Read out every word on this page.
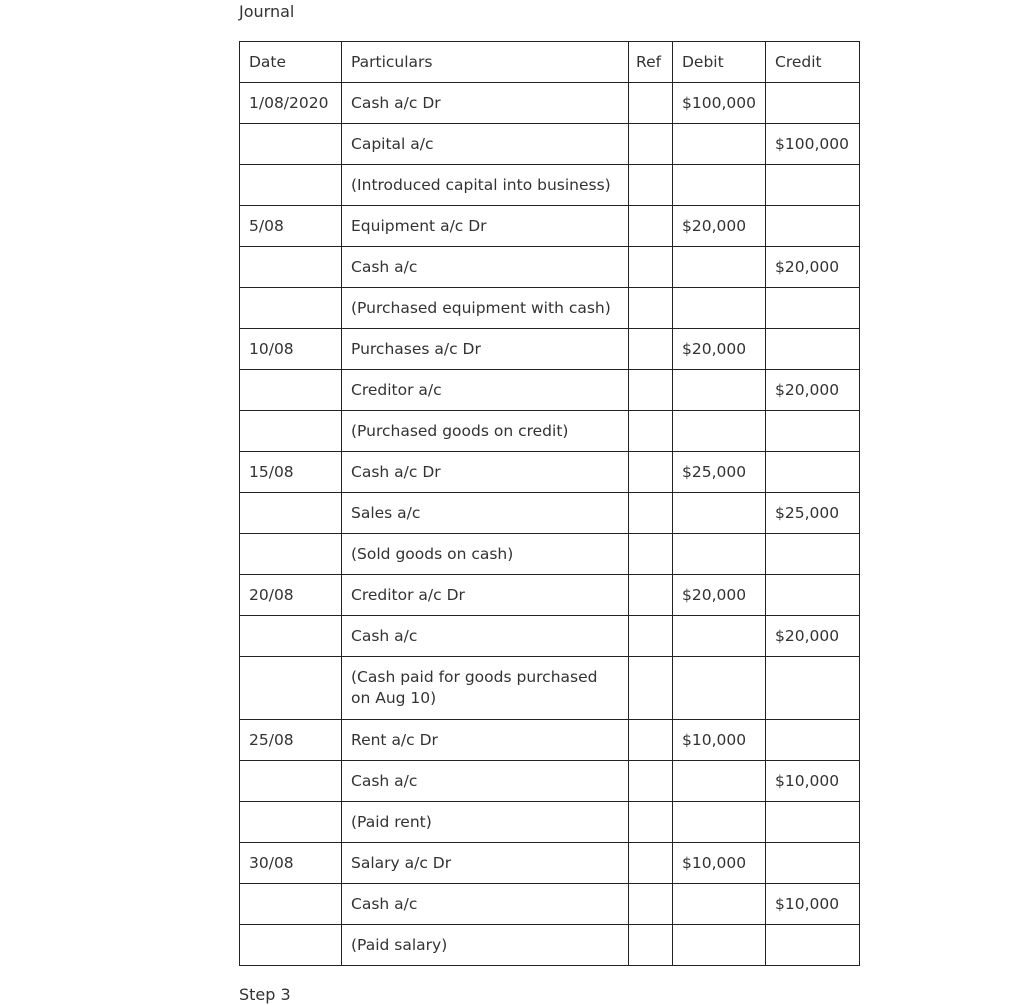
Journal
Date	Particulars	Ref	Debit	Credit
1/08/2020	Cash a/c Dr		$100,000	
	Capital a/c			$100,000
	(Introduced capital into business)			
5/08	Equipment a/c Dr		$20,000	
	Cash a/c			$20,000
	(Purchased equipment with cash)			
10/08	Purchases a/c Dr		$20,000	
	Creditor a/c			$20,000
	(Purchased goods on credit)			
15/08	Cash a/c Dr		$25,000	
	Sales a/c			$25,000
	(Sold goods on cash)			
20/08	Creditor a/c Dr		$20,000	
	Cash a/c			$20,000
	(Cash paid for goods purchased on Aug 10)			
25/08	Rent a/c Dr		$10,000	
	Cash a/c			$10,000
	(Paid rent)			
30/08	Salary a/c Dr		$10,000	
	Cash a/c			$10,000
	(Paid salary)			
Step 3
